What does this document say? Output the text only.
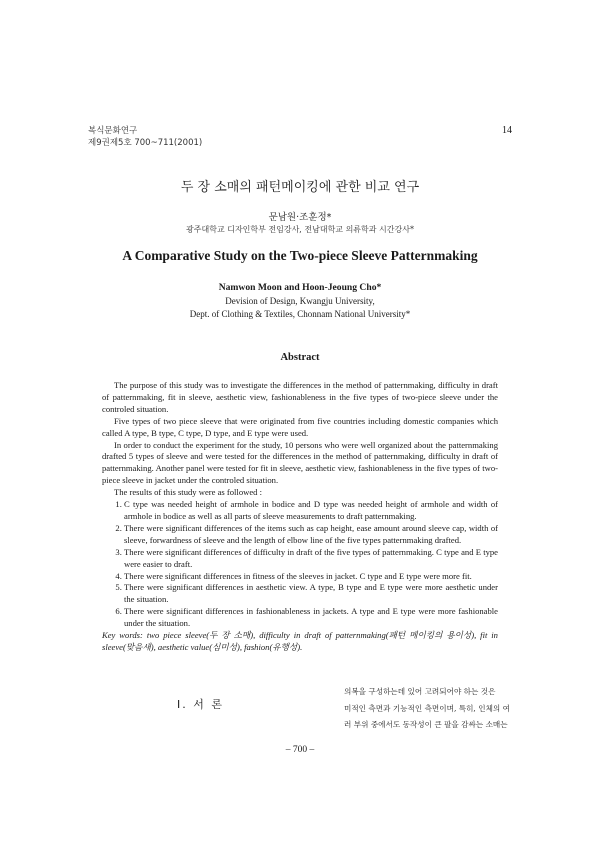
복식문화연구
제9권제5호 700~711(2001)
14
두 장 소매의 패턴메이킹에 관한 비교 연구
문남원·조훈정*
광주대학교 디자인학부 전임강사, 전남대학교 의류학과 시간강사*
A Comparative Study on the Two-piece Sleeve Patternmaking
Namwon Moon and Hoon-Jeoung Cho*
Devision of Design, Kwangju University,
Dept. of Clothing & Textiles, Chonnam National University*
Abstract

The purpose of this study was to investigate the differences in the method of patternmaking, difficulty in draft of patternmaking, fit in sleeve, aesthetic view, fashionableness in the five types of two-piece sleeve under the controled situation.

Five types of two piece sleeve that were originated from five countries including domestic companies which called A type, B type, C type, D type, and E type were used.

In order to conduct the experiment for the study, 10 persons who were well organized about the patternmaking drafted 5 types of sleeve and were tested for the differences in the method of patternmaking, difficulty in draft of patternmaking. Another panel were tested for fit in sleeve, aesthetic view, fashionableness in the five types of two-piece sleeve in jacket under the controled situation.

The results of this study were as followed :

1. C type was needed height of armhole in bodice and D type was needed height of armhole and width of armhole in bodice as well as all parts of sleeve measurements to draft patternmaking.
2. There were significant differences of the items such as cap height, ease amount around sleeve cap, width of sleeve, forwardness of sleeve and the length of elbow line of the five types patternmaking drafted.
3. There were significant differences of difficulty in draft of the five types of patternmaking. C type and E type were easier to draft.
4. There were significant differences in fitness of the sleeves in jacket. C type and E type were more fit.
5. There were significant differences in aesthetic view. A type, B type and E type were more aesthetic under the situation.
6. There were significant differences in fashionableness in jackets. A type and E type were more fashionable under the situation.
Key words: two piece sleeve(두 장 소매), difficulty in draft of patternmaking(패턴 메이킹의 용이성), fit in sleeve(맞음새), aesthetic value(심미성), fashion(유행성).
Ⅰ. 서 론
의복을 구성하는데 있어 고려되어야 하는 것은
미적인 측면과 기능적인 측면이며, 특히, 인체의 여
러 부위 중에서도 동작성이 큰 팔을 감싸는 소매는
– 700 –
